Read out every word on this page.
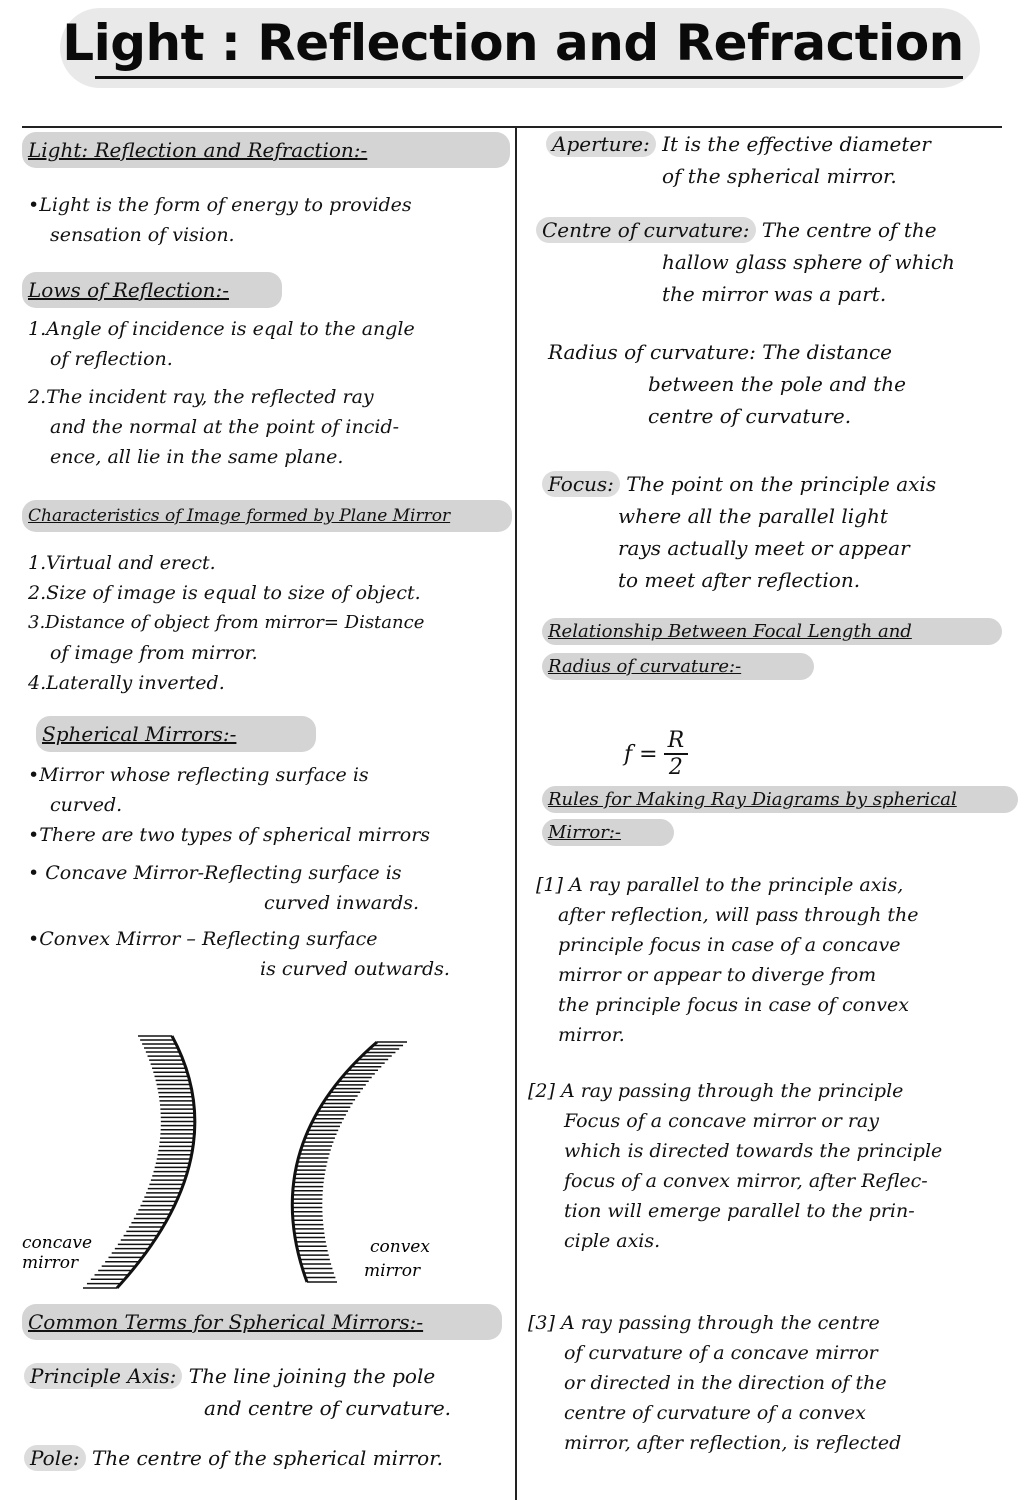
Light : Reflection and Refraction

Light: Reflection and Refraction:-

•Light is the form of energy to provides

sensation of vision.

Lows of Reflection:-

1.Angle of incidence is eqal to the angle

of reflection.

2.The incident ray, the reflected ray

and the normal at the point of incid-

ence, all lie in the same plane.

Characteristics of Image formed by Plane Mirror

1.Virtual and erect.

2.Size of image is equal to size of object.

3.Distance of object from mirror= Distance

of image from mirror.

4.Laterally inverted.

Spherical Mirrors:-

•Mirror whose reflecting surface is

curved.

•There are two types of spherical mirrors

• Concave Mirror-Reflecting surface is

curved inwards.

•Convex Mirror – Reflecting surface

is curved outwards.

concave
mirror
convex
mirror

Common Terms for Spherical Mirrors:-

Principle Axis: The line joining the pole

and centre of curvature.

Pole: The centre of the spherical mirror.

Aperture: It is the effective diameter

of the spherical mirror.

Centre of curvature: The centre of the

hallow glass sphere of which

the mirror was a part.

Radius of curvature: The distance

between the pole and the

centre of curvature.

Focus: The point on the principle axis

where all the parallel light

rays actually meet or appear

to meet after reflection.

Relationship Between Focal Length and

Radius of curvature:-

$f = \frac{R}{2}$

Rules for Making Ray Diagrams by spherical

Mirror:-

[1] A ray parallel to the principle axis,

after reflection, will pass through the

principle focus in case of a concave

mirror or appear to diverge from

the principle focus in case of convex

mirror.

[2] A ray passing through the principle

Focus of a concave mirror or ray

which is directed towards the principle

focus of a convex mirror, after Reflec-

tion will emerge parallel to the prin-

ciple axis.

[3] A ray passing through the centre

of curvature of a concave mirror

or directed in the direction of the

centre of curvature of a convex

mirror, after reflection, is reflected
